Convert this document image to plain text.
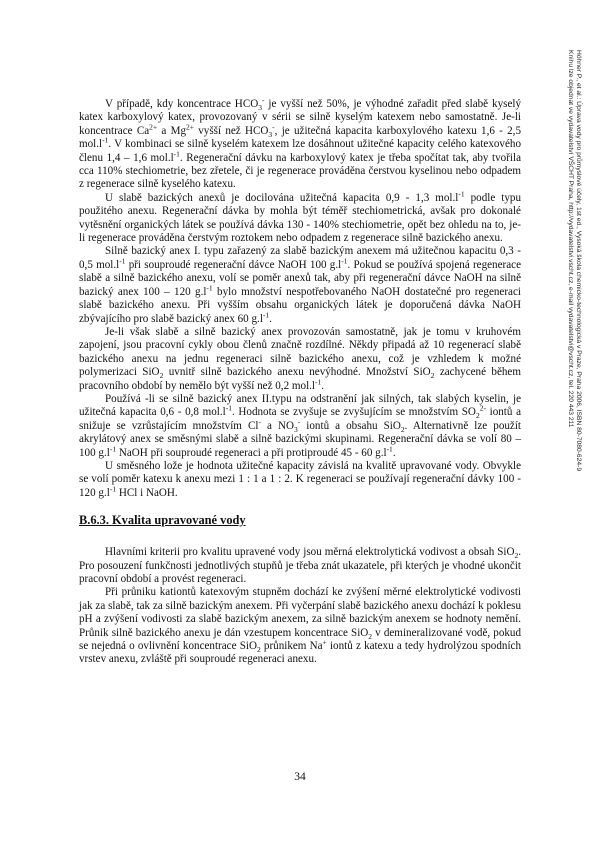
Höhner P., et al.: Úprava vody pro průmyslové účely, 1st ed., Vysoká škola chemicko-technologická v Praze, Praha 2006, ISBN 80-7080-624-9
Knihu lze objednat ve vydavatelství VŠCHT Praha, http://vydavatelstvi.vscht.cz, e-mail vydavatelstvi@vscht.cz, tel. 220 443 211

V případě, kdy koncentrace $HCO_3^-$ je vyšší než 50%, je výhodné zařadit před slabě kyselý katex karboxylový katex, provozovaný v sérii se silně kyselým katexem nebo samostatně. Je-li koncentrace $Ca^{2+}$ a $Mg^{2+}$ vyšší než $HCO_3^-$, je užitečná kapacita karboxylového katexu 1,6 - 2,5 $mol.l^{-1}$. V kombinaci se silně kyselém katexem lze dosáhnout užitečné kapacity celého katexového členu 1,4 – 1,6 $mol.l^{-1}$. Regenerační dávku na karboxylový katex je třeba spočítat tak, aby tvořila cca 110% stechiometrie, bez zřetele, či je regenerace prováděna čerstvou kyselinou nebo odpadem z regenerace silně kyselého katexu.

U slabě bazických anexů je docilována užitečná kapacita 0,9 - 1,3 $mol.l^{-1}$ podle typu použitého anexu. Regenerační dávka by mohla být téměř stechiometrická, avšak pro dokonalé vytěsnění organických látek se používá dávka 130 - 140% stechiometrie, opět bez ohledu na to, je-li regenerace prováděna čerstvým roztokem nebo odpadem z regenerace silně bazického anexu.

Silně bazický anex I. typu zařazený za slabě bazickým anexem má užitečnou kapacitu 0,3 - 0,5 $mol.l^{-1}$ při souproudé regenerační dávce NaOH 100 $g.l^{-1}$. Pokud se používá spojená regenerace slabě a silně bazického anexu, volí se poměr anexů tak, aby při regenerační dávce NaOH na silně bazický anex 100 – 120 $g.l^{-1}$ bylo množství nespotřebovaného NaOH dostatečné pro regeneraci slabě bazického anexu. Při vyšším obsahu organických látek je doporučená dávka NaOH zbývajícího pro slabě bazický anex 60 $g.l^{-1}$.

Je-li však slabě a silně bazický anex provozován samostatně, jak je tomu v kruhovém zapojení, jsou pracovní cykly obou členů značně rozdílné. Někdy připadá až 10 regenerací slabě bazického anexu na jednu regeneraci silně bazického anexu, což je vzhledem k možné polymerizaci SiO$_2$ uvnitř silně bazického anexu nevýhodné. Množství SiO$_2$ zachycené během pracovního období by nemělo být vyšší než 0,2 $mol.l^{-1}$.

Používá -li se silně bazický anex II.typu na odstranění jak silných, tak slabých kyselin, je užitečná kapacita 0,6 - 0,8 $mol.l^{-1}$. Hodnota se zvyšuje se zvyšujícím se množstvím $SO_2^{2-}$ iontů a snižuje se vzrůstajícím množstvím Cl- a $NO_3^-$ iontů a obsahu SiO$_2$. Alternativně lze použít akrylátový anex se směsnými slabě a silně bazickými skupinami. Regenerační dávka se volí 80 – 100 $g.l^{-1}$ NaOH při souproudé regeneraci a při protiproudé 45 - 60 $g.l^{-1}$.

U směsného lože je hodnota užitečné kapacity závislá na kvalitě upravované vody. Obvykle se volí poměr katexu k anexu mezi 1 : 1 a 1 : 2. K regeneraci se používají regenerační dávky 100 - 120 $g.l^{-1}$ HCl i NaOH.

B.6.3. Kvalita upravované vody

Hlavními kriterii pro kvalitu upravené vody jsou měrná elektrolytická vodivost a obsah SiO$_2$. Pro posouzení funkčnosti jednotlivých stupňů je třeba znát ukazatele, při kterých je vhodné ukončit pracovní období a provést regeneraci.

Při průniku kationtů katexovým stupněm dochází ke zvýšení měrné elektrolytické vodivosti jak za slabě, tak za silně bazickým anexem. Při vyčerpání slabě bazického anexu dochází k poklesu pH a zvýšení vodivosti za slabě bazickým anexem, za silně bazickým anexem se hodnoty nemění. Průnik silně bazického anexu je dán vzestupem koncentrace SiO$_2$ v demineralizované vodě, pokud se nejedná o ovlivnění koncentrace SiO$_2$ průnikem Na+ iontů z katexu a tedy hydrolýzou spodních vrstev anexu, zvláště při souproudé regeneraci anexu.

34
